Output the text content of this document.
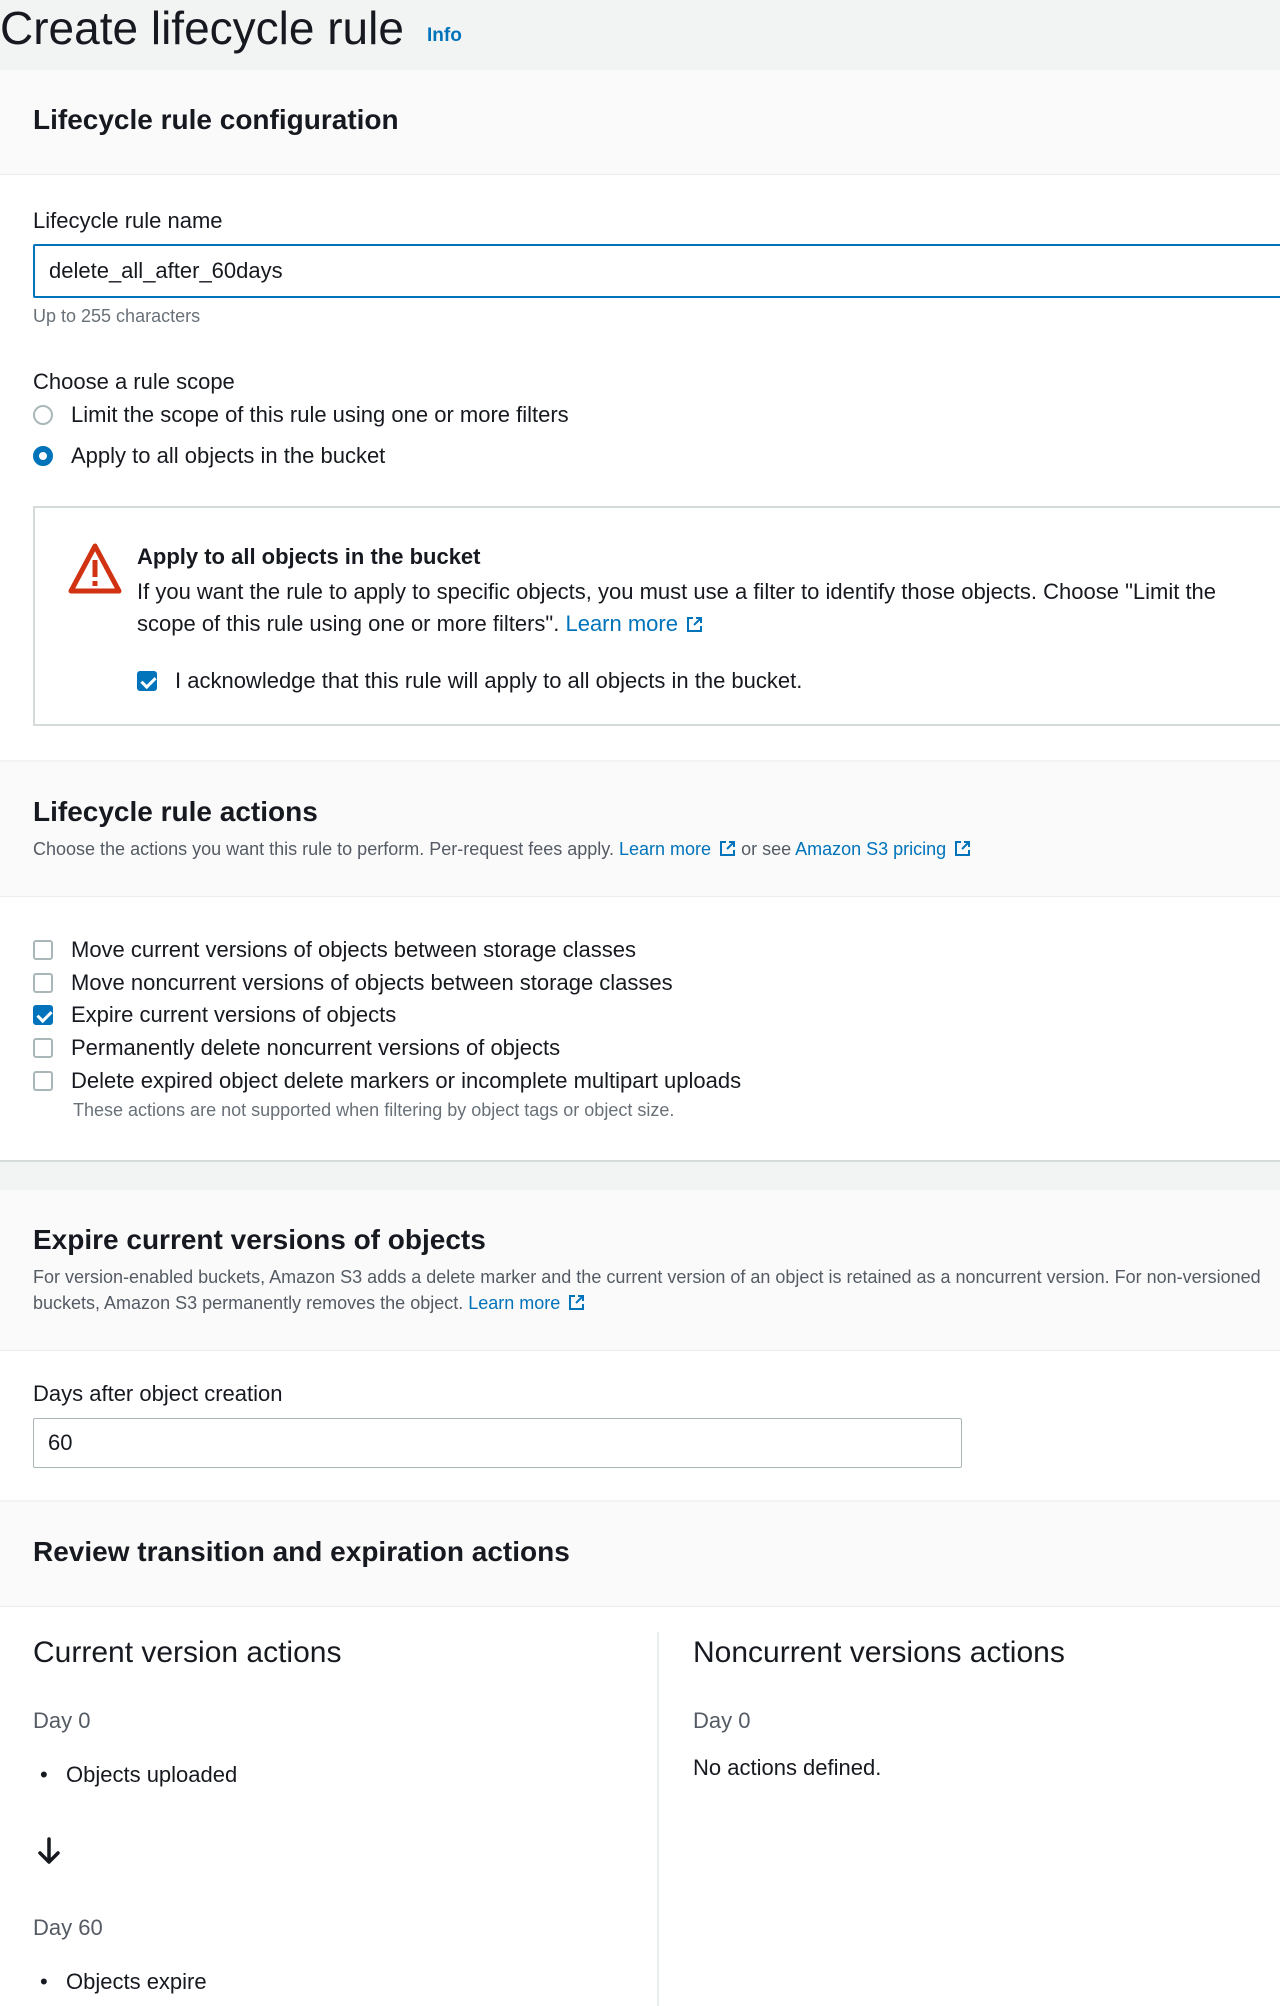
Create lifecycle rule Info
Lifecycle rule configuration
Lifecycle rule name
delete_all_after_60days
Up to 255 characters
Choose a rule scope
Limit the scope of this rule using one or more filters
Apply to all objects in the bucket
Apply to all objects in the bucket
If you want the rule to apply to specific objects, you must use a filter to identify those objects. Choose "Limit the scope of this rule using one or more filters". Learn more
I acknowledge that this rule will apply to all objects in the bucket.
Lifecycle rule actions
Choose the actions you want this rule to perform. Per-request fees apply. Learn more or see Amazon S3 pricing
Move current versions of objects between storage classes
Move noncurrent versions of objects between storage classes
Expire current versions of objects
Permanently delete noncurrent versions of objects
Delete expired object delete markers or incomplete multipart uploads
These actions are not supported when filtering by object tags or object size.
Expire current versions of objects
For version-enabled buckets, Amazon S3 adds a delete marker and the current version of an object is retained as a noncurrent version. For non-versioned buckets, Amazon S3 permanently removes the object. Learn more
Days after object creation
60
Review transition and expiration actions
Current version actions
Day 0
• Objects uploaded
Day 60
• Objects expire
Noncurrent versions actions
Day 0
No actions defined.
